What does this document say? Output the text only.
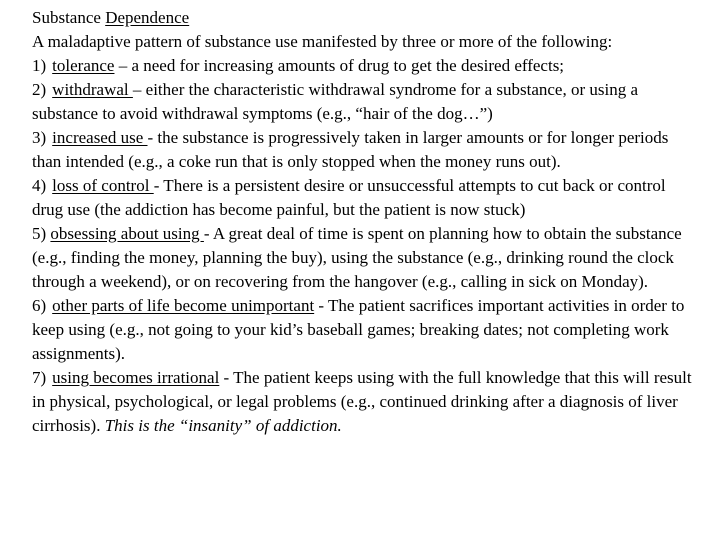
Substance Dependence

A maladaptive pattern of substance use manifested by three or more of the following:

1) tolerance – a need for increasing amounts of drug to get the desired effects;

2) withdrawal – either the characteristic withdrawal syndrome for a substance, or using a substance to avoid withdrawal symptoms (e.g., “hair of the dog…”)

3) increased use - the substance is progressively taken in larger amounts or for longer periods than intended (e.g., a coke run that is only stopped when the money runs out).

4) loss of control - There is a persistent desire or unsuccessful attempts to cut back or control drug use (the addiction has become painful, but the patient is now stuck)

5) obsessing about using - A great deal of time is spent on planning how to obtain the substance (e.g., finding the money, planning the buy), using the substance (e.g., drinking round the clock through a weekend), or on recovering from the hangover (e.g., calling in sick on Monday).

6) other parts of life become unimportant - The patient sacrifices important activities in order to keep using (e.g., not going to your kid’s baseball games; breaking dates; not completing work assignments).

7) using becomes irrational - The patient keeps using with the full knowledge that this will result in physical, psychological, or legal problems (e.g., continued drinking after a diagnosis of liver cirrhosis). This is the “insanity” of addiction.
